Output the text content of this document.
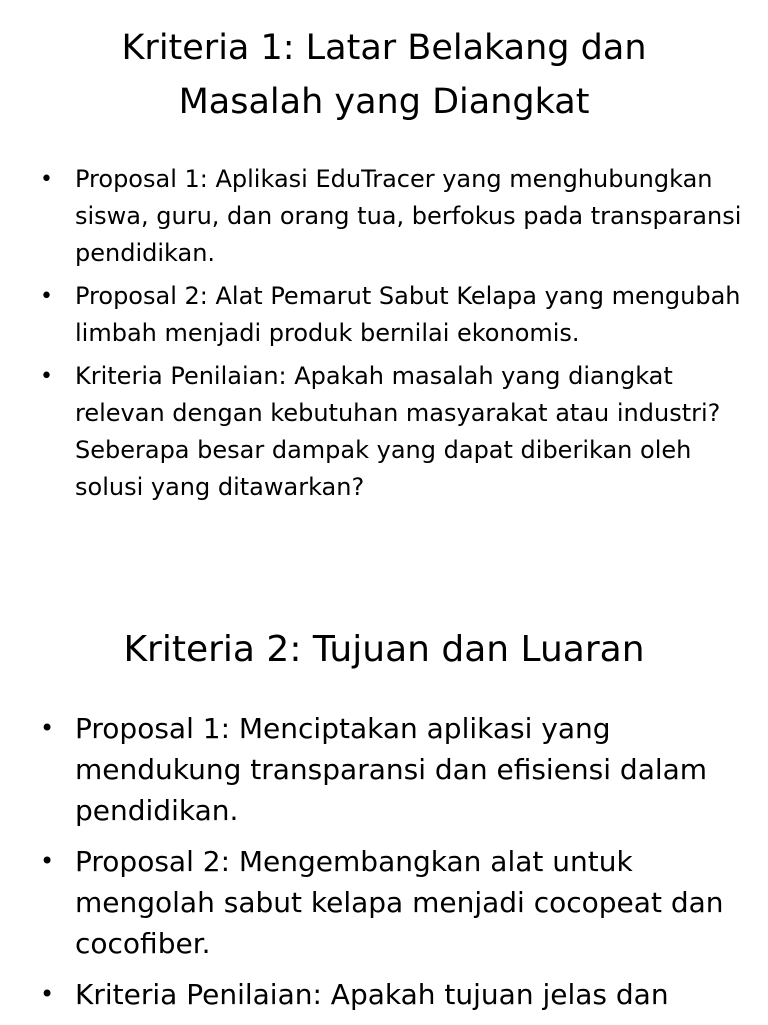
Kriteria 1: Latar Belakang dan Masalah yang Diangkat
• Proposal 1: Aplikasi EduTracer yang menghubungkan siswa, guru, dan orang tua, berfokus pada transparansi pendidikan.
• Proposal 2: Alat Pemarut Sabut Kelapa yang mengubah limbah menjadi produk bernilai ekonomis.
• Kriteria Penilaian: Apakah masalah yang diangkat relevan dengan kebutuhan masyarakat atau industri? Seberapa besar dampak yang dapat diberikan oleh solusi yang ditawarkan?
Kriteria 2: Tujuan dan Luaran
• Proposal 1: Menciptakan aplikasi yang mendukung transparansi dan efisiensi dalam pendidikan.
• Proposal 2: Mengembangkan alat untuk mengolah sabut kelapa menjadi cocopeat dan cocofiber.
• Kriteria Penilaian: Apakah tujuan jelas dan
